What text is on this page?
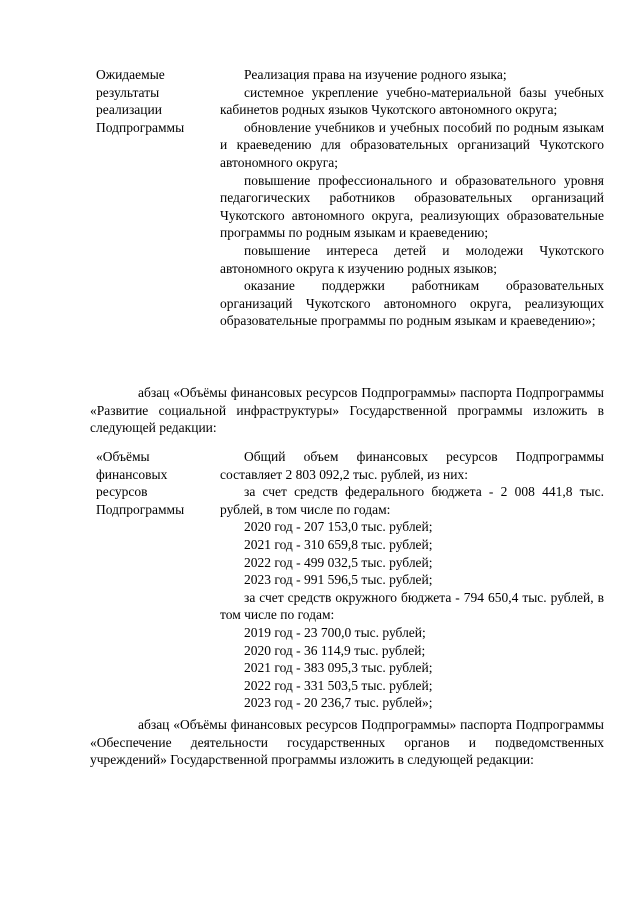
Ожидаемые

результаты

реализации

Подпрограммы

Реализация права на изучение родного языка;

системное укрепление учебно-материальной базы учебных кабинетов родных языков Чукотского автономного округа;

обновление учебников и учебных пособий по родным языкам и краеведению для образовательных организаций Чукотского автономного округа;

повышение профессионального и образовательного уровня педагогических работников образовательных организаций Чукотского автономного округа, реализующих образовательные программы по родным языкам и краеведению;

повышение интереса детей и молодежи Чукотского автономного округа к изучению родных языков;

оказание поддержки работникам образовательных организаций Чукотского автономного округа, реализующих образовательные программы по родным языкам и краеведению»;

абзац «Объёмы финансовых ресурсов Подпрограммы» паспорта Подпрограммы «Развитие социальной инфраструктуры» Государственной программы изложить в следующей редакции:

«Объёмы

финансовых

ресурсов

Подпрограммы

Общий объем финансовых ресурсов Подпрограммы составляет 2 803 092,2 тыс. рублей, из них:

за счет средств федерального бюджета - 2 008 441,8 тыс. рублей, в том числе по годам:

2020 год - 207 153,0 тыс. рублей;

2021 год - 310 659,8 тыс. рублей;

2022 год - 499 032,5 тыс. рублей;

2023 год - 991 596,5 тыс. рублей;

за счет средств окружного бюджета - 794 650,4 тыс. рублей, в том числе по годам:

2019 год - 23 700,0 тыс. рублей;

2020 год - 36 114,9 тыс. рублей;

2021 год - 383 095,3 тыс. рублей;

2022 год - 331 503,5 тыс. рублей;

2023 год - 20 236,7 тыс. рублей»;

абзац «Объёмы финансовых ресурсов Подпрограммы» паспорта Подпрограммы «Обеспечение деятельности государственных органов и подведомственных учреждений» Государственной программы изложить в следующей редакции:
